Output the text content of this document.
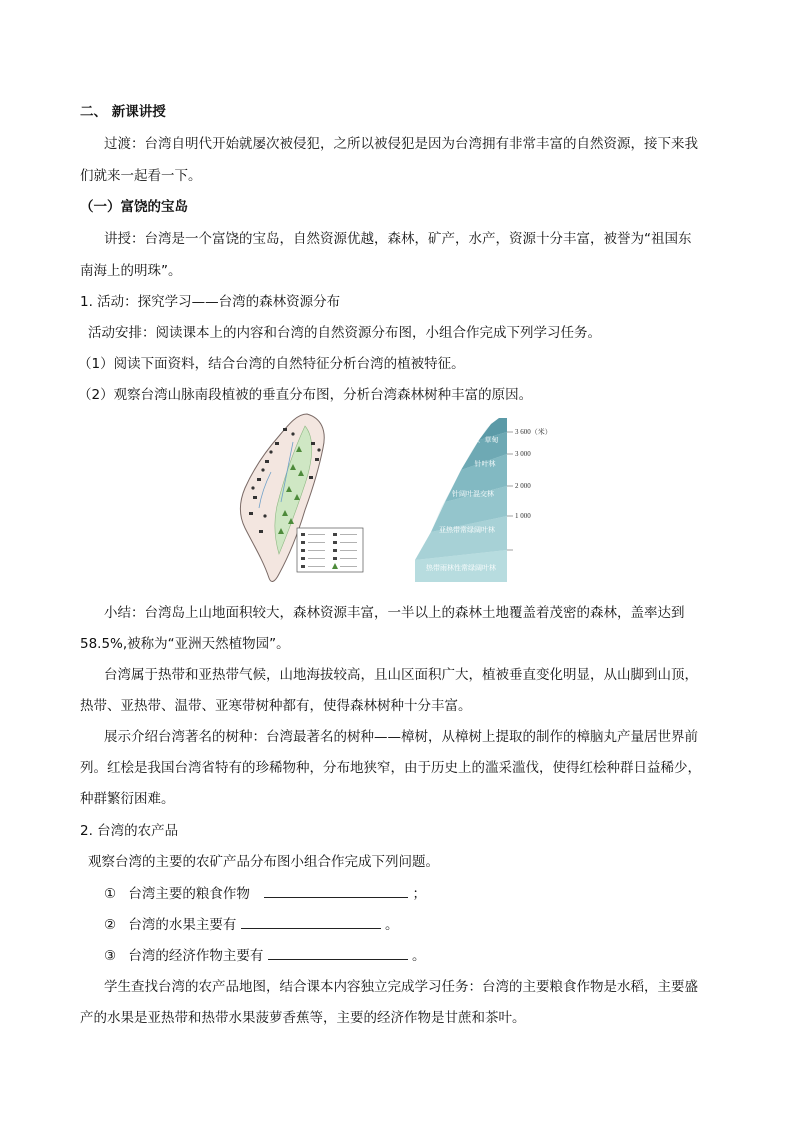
二、 新课讲授
过渡：台湾自明代开始就屡次被侵犯，之所以被侵犯是因为台湾拥有非常丰富的自然资源，接下来我
们就来一起看一下。
（一）富饶的宝岛
讲授：台湾是一个富饶的宝岛，自然资源优越，森林，矿产，水产，资源十分丰富，被誉为“祖国东
南海上的明珠”。
1. 活动：探究学习——台湾的森林资源分布
活动安排：阅读课本上的内容和台湾的自然资源分布图，小组合作完成下列学习任务。
（1）阅读下面资料，结合台湾的自然特征分析台湾的植被特征。
（2）观察台湾山脉南段植被的垂直分布图，分析台湾森林树种丰富的原因。
灌丛、草甸
针叶林
针阔叶混交林
亚热带常绿阔叶林
热带雨林性常绿阔叶林
3 600（米）
3 000
2 000
1 000
小结：台湾岛上山地面积较大，森林资源丰富，一半以上的森林土地覆盖着茂密的森林，盖率达到
58.5%,被称为“亚洲天然植物园”。
台湾属于热带和亚热带气候，山地海拔较高，且山区面积广大，植被垂直变化明显，从山脚到山顶，
热带、亚热带、温带、亚寒带树种都有，使得森林树种十分丰富。
展示介绍台湾著名的树种：台湾最著名的树种——樟树，从樟树上提取的制作的樟脑丸产量居世界前
列。红桧是我国台湾省特有的珍稀物种，分布地狭窄，由于历史上的滥采滥伐，使得红桧种群日益稀少，
种群繁衍困难。
2. 台湾的农产品
观察台湾的主要的农矿产品分布图小组合作完成下列问题。
① 台湾主要的粮食作物	；
② 台湾的水果主要有	。
③ 台湾的经济作物主要有	。
学生查找台湾的农产品地图，结合课本内容独立完成学习任务：台湾的主要粮食作物是水稻，主要盛
产的水果是亚热带和热带水果菠萝香蕉等，主要的经济作物是甘蔗和茶叶。
